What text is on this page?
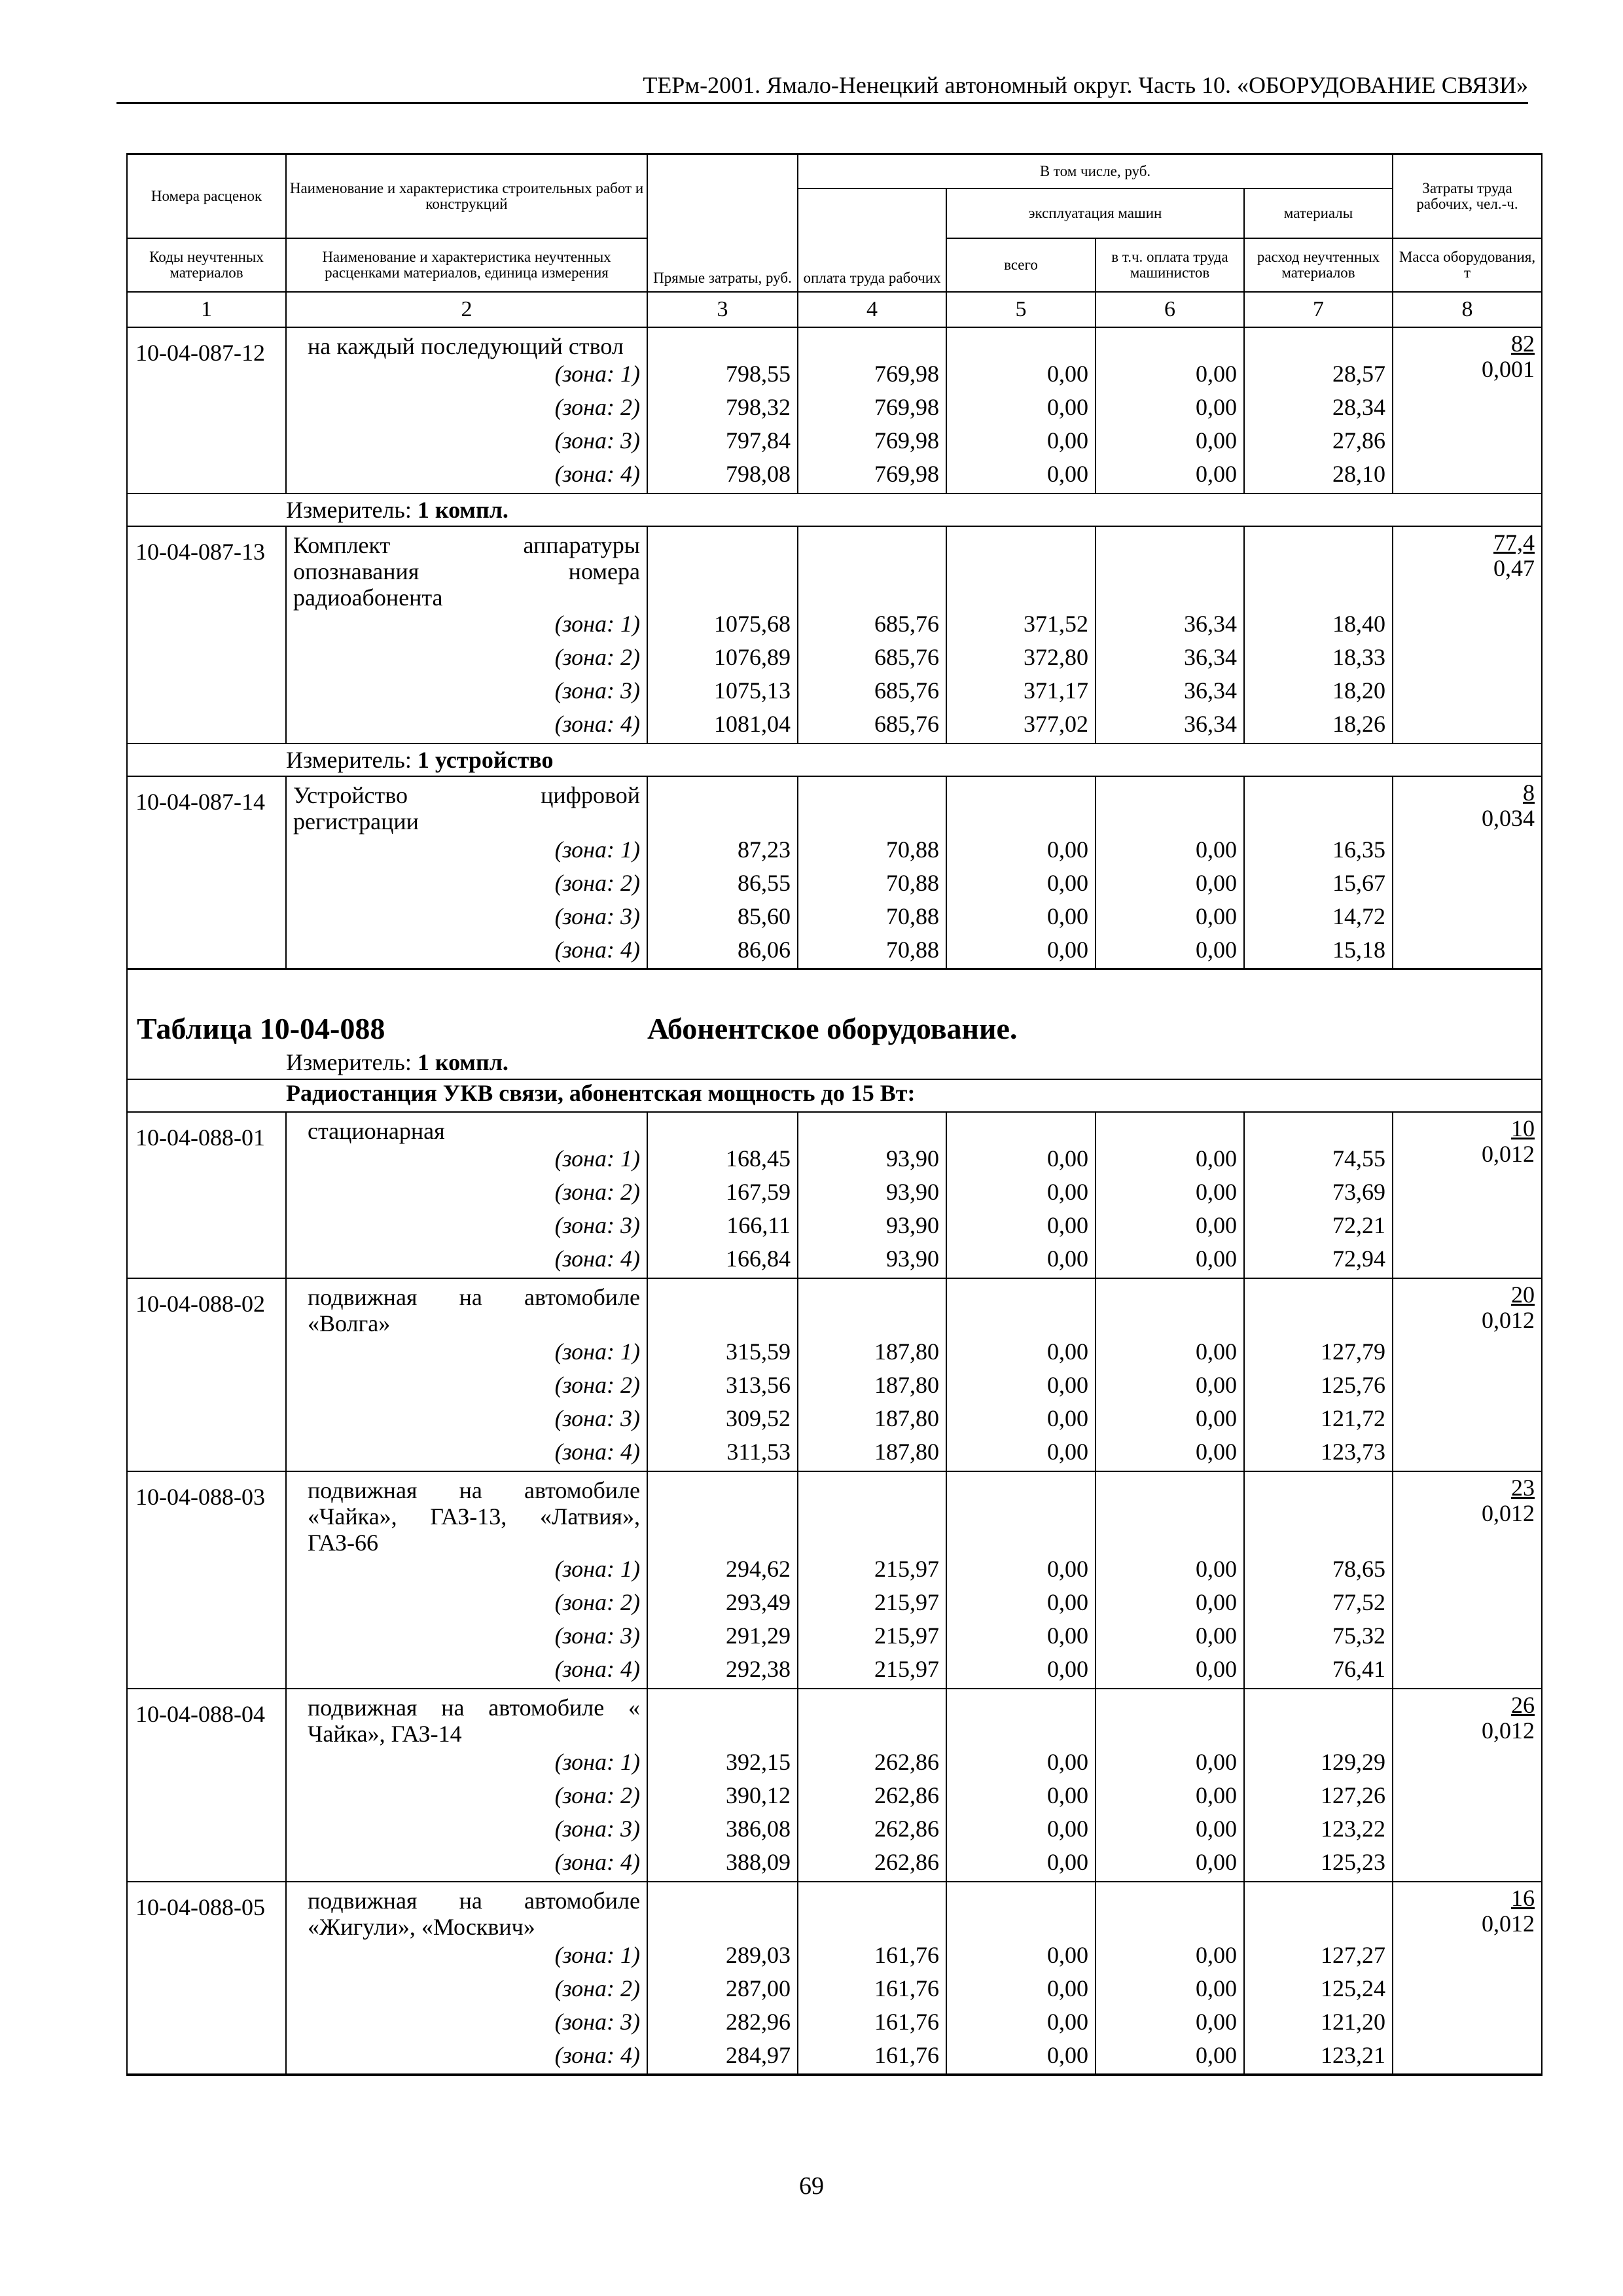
ТЕРм-2001. Ямало-Ненецкий автономный округ. Часть 10. «ОБОРУДОВАНИЕ СВЯЗИ»
Номера расценок	Наименование и характеристика строительных работ и конструкций	Прямые затраты, руб.	В том числе, руб.				Затраты труда рабочих, чел.-ч.
			оплата труда рабочих	эксплуатация машин		материалы
Коды неучтенных материалов	Наименование и характеристика неучтенных расценками материалов, единица измерения			всего	в т.ч. оплата труда машинистов	расход неучтенных материалов	Масса оборудования, т
1	2	3	4	5	6	7	8
10-04-087-12	на каждый последующий ствол						82
0,001

	(зона: 1)	798,55	769,98	0,00	0,00	28,57	
	(зона: 2)	798,32	769,98	0,00	0,00	28,34	
	(зона: 3)	797,84	769,98	0,00	0,00	27,86	
	(зона: 4)	798,08	769,98	0,00	0,00	28,10	
Измеритель: 1 компл.							
10-04-087-13	Комплект аппаратуры опознавания номера радиоабонента						77,4
0,47

	(зона: 1)	1075,68	685,76	371,52	36,34	18,40	
	(зона: 2)	1076,89	685,76	372,80	36,34	18,33	
	(зона: 3)	1075,13	685,76	371,17	36,34	18,20	
	(зона: 4)	1081,04	685,76	377,02	36,34	18,26	
Измеритель: 1 устройство							
10-04-087-14	Устройство цифровой регистрации						8
0,034

	(зона: 1)	87,23	70,88	0,00	0,00	16,35	
	(зона: 2)	86,55	70,88	0,00	0,00	15,67	
	(зона: 3)	85,60	70,88	0,00	0,00	14,72	
	(зона: 4)	86,06	70,88	0,00	0,00	15,18	
Таблица 10-04-088 Абонентское оборудование.							
Измеритель: 1 компл.							
Радиостанция УКВ связи, абонентская мощность до 15 Вт:							
10-04-088-01	стационарная						10
0,012

	(зона: 1)	168,45	93,90	0,00	0,00	74,55	
	(зона: 2)	167,59	93,90	0,00	0,00	73,69	
	(зона: 3)	166,11	93,90	0,00	0,00	72,21	
	(зона: 4)	166,84	93,90	0,00	0,00	72,94	
10-04-088-02	подвижная на автомобиле «Волга»						20
0,012

	(зона: 1)	315,59	187,80	0,00	0,00	127,79	
	(зона: 2)	313,56	187,80	0,00	0,00	125,76	
	(зона: 3)	309,52	187,80	0,00	0,00	121,72	
	(зона: 4)	311,53	187,80	0,00	0,00	123,73	
10-04-088-03	подвижная на автомобиле «Чайка», ГАЗ-13, «Латвия», ГАЗ-66						23
0,012

	(зона: 1)	294,62	215,97	0,00	0,00	78,65	
	(зона: 2)	293,49	215,97	0,00	0,00	77,52	
	(зона: 3)	291,29	215,97	0,00	0,00	75,32	
	(зона: 4)	292,38	215,97	0,00	0,00	76,41	
10-04-088-04	подвижная на автомобиле « Чайка», ГАЗ-14						26
0,012

	(зона: 1)	392,15	262,86	0,00	0,00	129,29	
	(зона: 2)	390,12	262,86	0,00	0,00	127,26	
	(зона: 3)	386,08	262,86	0,00	0,00	123,22	
	(зона: 4)	388,09	262,86	0,00	0,00	125,23	
10-04-088-05	подвижная на автомобиле «Жигули», «Москвич»						16
0,012

	(зона: 1)	289,03	161,76	0,00	0,00	127,27	
	(зона: 2)	287,00	161,76	0,00	0,00	125,24	
	(зона: 3)	282,96	161,76	0,00	0,00	121,20	
	(зона: 4)	284,97	161,76	0,00	0,00	123,21	
69
